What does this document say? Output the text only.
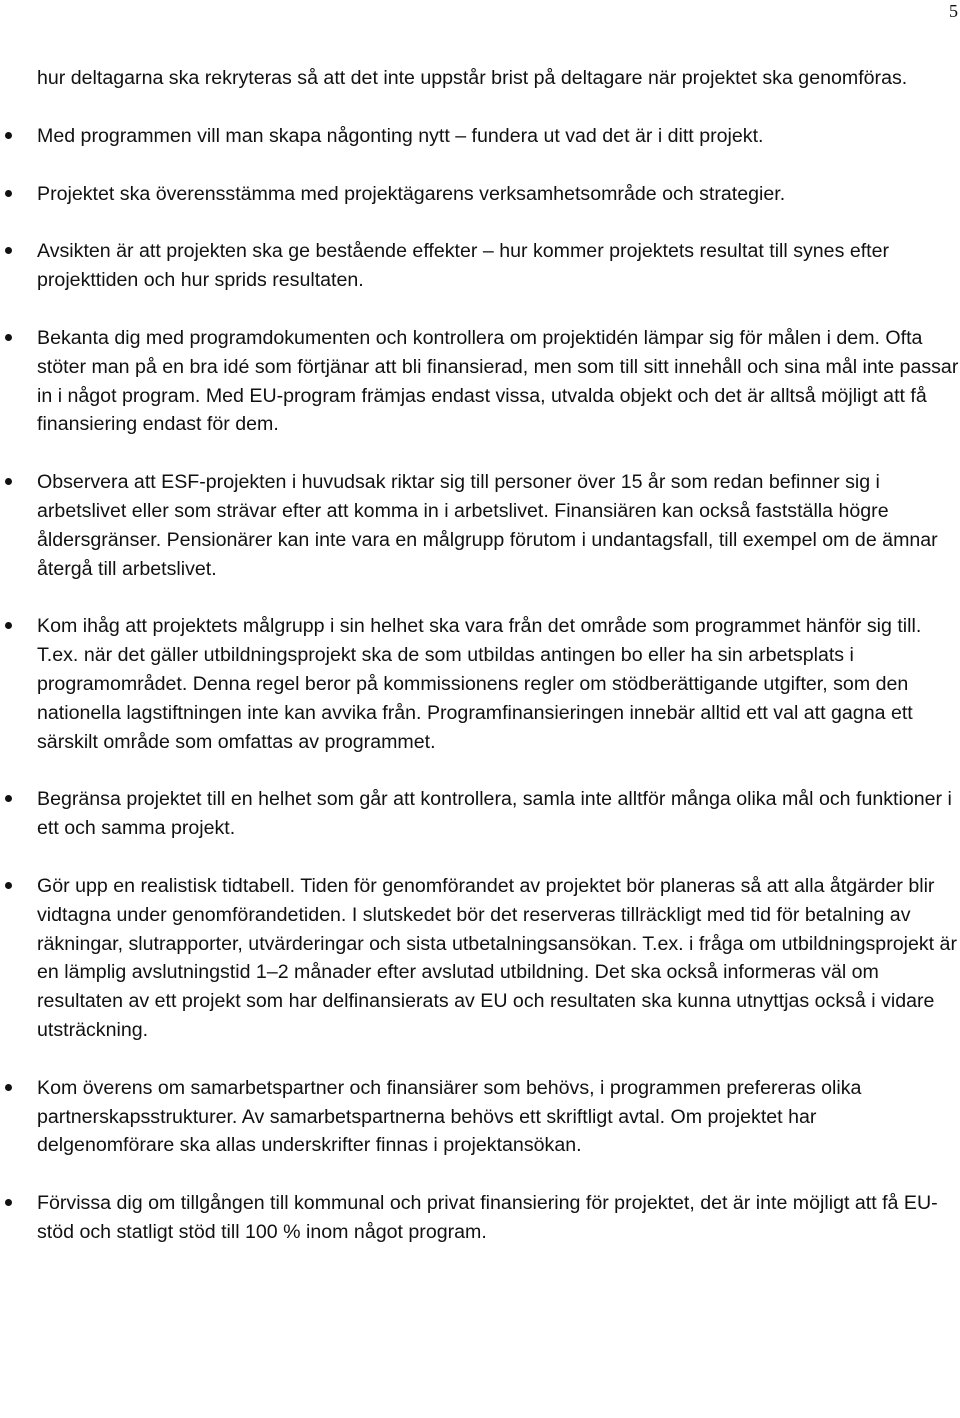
5

hur deltagarna ska rekryteras så att det inte uppstår brist på deltagare när projektet ska genomföras.

Med programmen vill man skapa någonting nytt – fundera ut vad det är i ditt projekt.
Projektet ska överensstämma med projektägarens verksamhetsområde och strategier.
Avsikten är att projekten ska ge bestående effekter – hur kommer projektets resultat till synes efter projekttiden och hur sprids resultaten.
Bekanta dig med programdokumenten och kontrollera om projektidén lämpar sig för målen i dem. Ofta stöter man på en bra idé som förtjänar att bli finansierad, men som till sitt innehåll och sina mål inte passar in i något program. Med EU-program främjas endast vissa, utvalda objekt och det är alltså möjligt att få finansiering endast för dem.
Observera att ESF-projekten i huvudsak riktar sig till personer över 15 år som redan befinner sig i arbetslivet eller som strävar efter att komma in i arbetslivet. Finansiären kan också fastställa högre åldersgränser. Pensionärer kan inte vara en målgrupp förutom i undantagsfall, till exempel om de ämnar återgå till arbetslivet.
Kom ihåg att projektets målgrupp i sin helhet ska vara från det område som programmet hänför sig till. T.ex. när det gäller utbildningsprojekt ska de som utbildas antingen bo eller ha sin arbetsplats i programområdet. Denna regel beror på kommissionens regler om stödberättigande utgifter, som den nationella lagstiftningen inte kan avvika från. Programfinansieringen innebär alltid ett val att gagna ett särskilt område som omfattas av programmet.
Begränsa projektet till en helhet som går att kontrollera, samla inte alltför många olika mål och funktioner i ett och samma projekt.
Gör upp en realistisk tidtabell. Tiden för genomförandet av projektet bör planeras så att alla åtgärder blir vidtagna under genomförandetiden. I slutskedet bör det reserveras tillräckligt med tid för betalning av räkningar, slutrapporter, utvärderingar och sista utbetalningsansökan. T.ex. i fråga om utbildningsprojekt är en lämplig avslutningstid 1–2 månader efter avslutad utbildning. Det ska också informeras väl om resultaten av ett projekt som har delfinansierats av EU och resultaten ska kunna utnyttjas också i vidare utsträckning.
Kom överens om samarbetspartner och finansiärer som behövs, i programmen prefereras olika partnerskapsstrukturer. Av samarbetspartnerna behövs ett skriftligt avtal. Om projektet har delgenomförare ska allas underskrifter finnas i projektansökan.
Förvissa dig om tillgången till kommunal och privat finansiering för projektet, det är inte möjligt att få EU-stöd och statligt stöd till 100 % inom något program.
